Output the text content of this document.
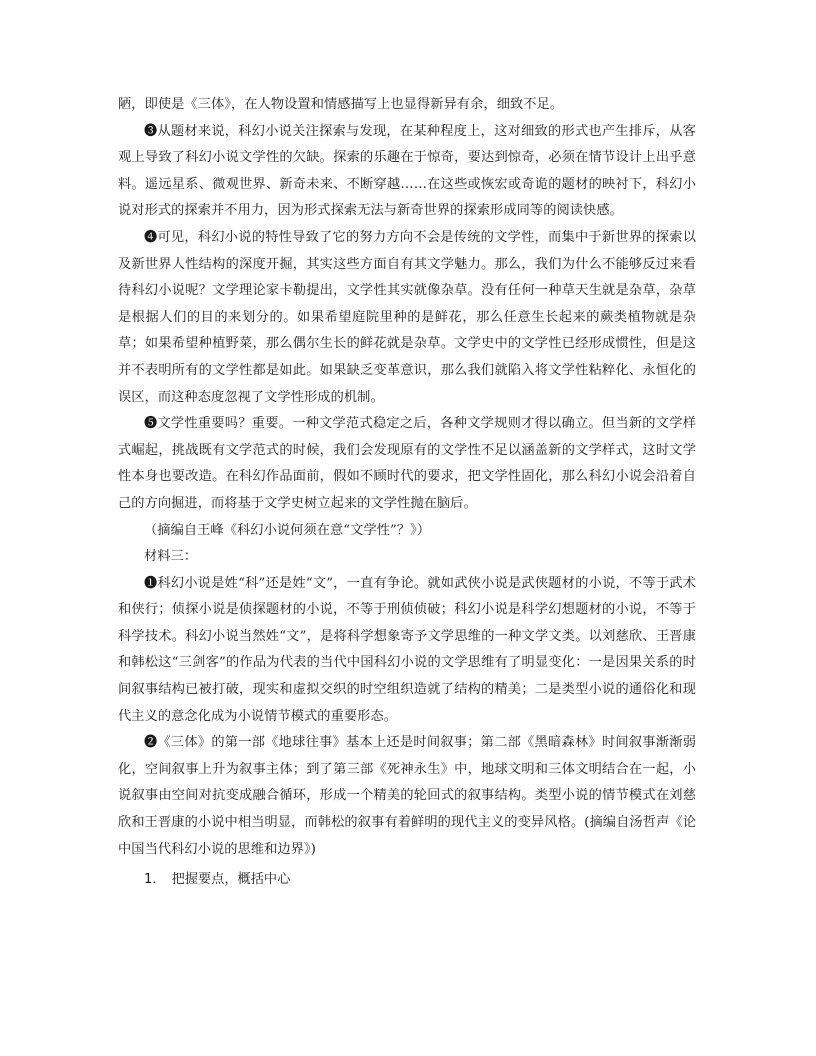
陋，即使是《三体》，在人物设置和情感描写上也显得新异有余，细致不足。

❸从题材来说，科幻小说关注探索与发现，在某种程度上，这对细致的形式也产生排斥，从客观上导致了科幻小说文学性的欠缺。探索的乐趣在于惊奇，要达到惊奇，必须在情节设计上出乎意料。遥远星系、微观世界、新奇未来、不断穿越……在这些或恢宏或奇诡的题材的映衬下，科幻小说对形式的探索并不用力，因为形式探索无法与新奇世界的探索形成同等的阅读快感。

❹可见，科幻小说的特性导致了它的努力方向不会是传统的文学性，而集中于新世界的探索以及新世界人性结构的深度开掘，其实这些方面自有其文学魅力。那么，我们为什么不能够反过来看待科幻小说呢？文学理论家卡勒提出，文学性其实就像杂草。没有任何一种草天生就是杂草，杂草是根据人们的目的来划分的。如果希望庭院里种的是鲜花，那么任意生长起来的蕨类植物就是杂草；如果希望种植野菜，那么偶尔生长的鲜花就是杂草。文学史中的文学性已经形成惯性，但是这并不表明所有的文学性都是如此。如果缺乏变革意识，那么我们就陷入将文学性粘粹化、永恒化的误区，而这种态度忽视了文学性形成的机制。

❺文学性重要吗？重要。一种文学范式稳定之后，各种文学规则才得以确立。但当新的文学样式崛起，挑战既有文学范式的时候，我们会发现原有的文学性不足以涵盖新的文学样式，这时文学性本身也要改造。在科幻作品面前，假如不顾时代的要求，把文学性固化，那么科幻小说会沿着自己的方向掘进，而将基于文学史树立起来的文学性抛在脑后。

（摘编自王峰《科幻小说何须在意“文学性”？》）

材料三：

❶科幻小说是姓“科”还是姓“文”，一直有争论。就如武侠小说是武侠题材的小说，不等于武术和侠行；侦探小说是侦探题材的小说，不等于刑侦侦破；科幻小说是科学幻想题材的小说，不等于科学技术。科幻小说当然姓“文”，是将科学想象寄予文学思维的一种文学文类。以刘慈欣、王晋康和韩松这“三剑客”的作品为代表的当代中国科幻小说的文学思维有了明显变化：一是因果关系的时间叙事结构已被打破，现实和虚拟交织的时空组织造就了结构的精美；二是类型小说的通俗化和现代主义的意念化成为小说情节模式的重要形态。

❷《三体》的第一部《地球往事》基本上还是时间叙事；第二部《黑暗森林》时间叙事渐渐弱化，空间叙事上升为叙事主体；到了第三部《死神永生》中，地球文明和三体文明结合在一起，小说叙事由空间对抗变成融合循环，形成一个精美的轮回式的叙事结构。类型小说的情节模式在刘慈欣和王晋康的小说中相当明显，而韩松的叙事有着鲜明的现代主义的变异风格。(摘编自汤哲声《论中国当代科幻小说的思维和边界》)

1． 把握要点，概括中心
